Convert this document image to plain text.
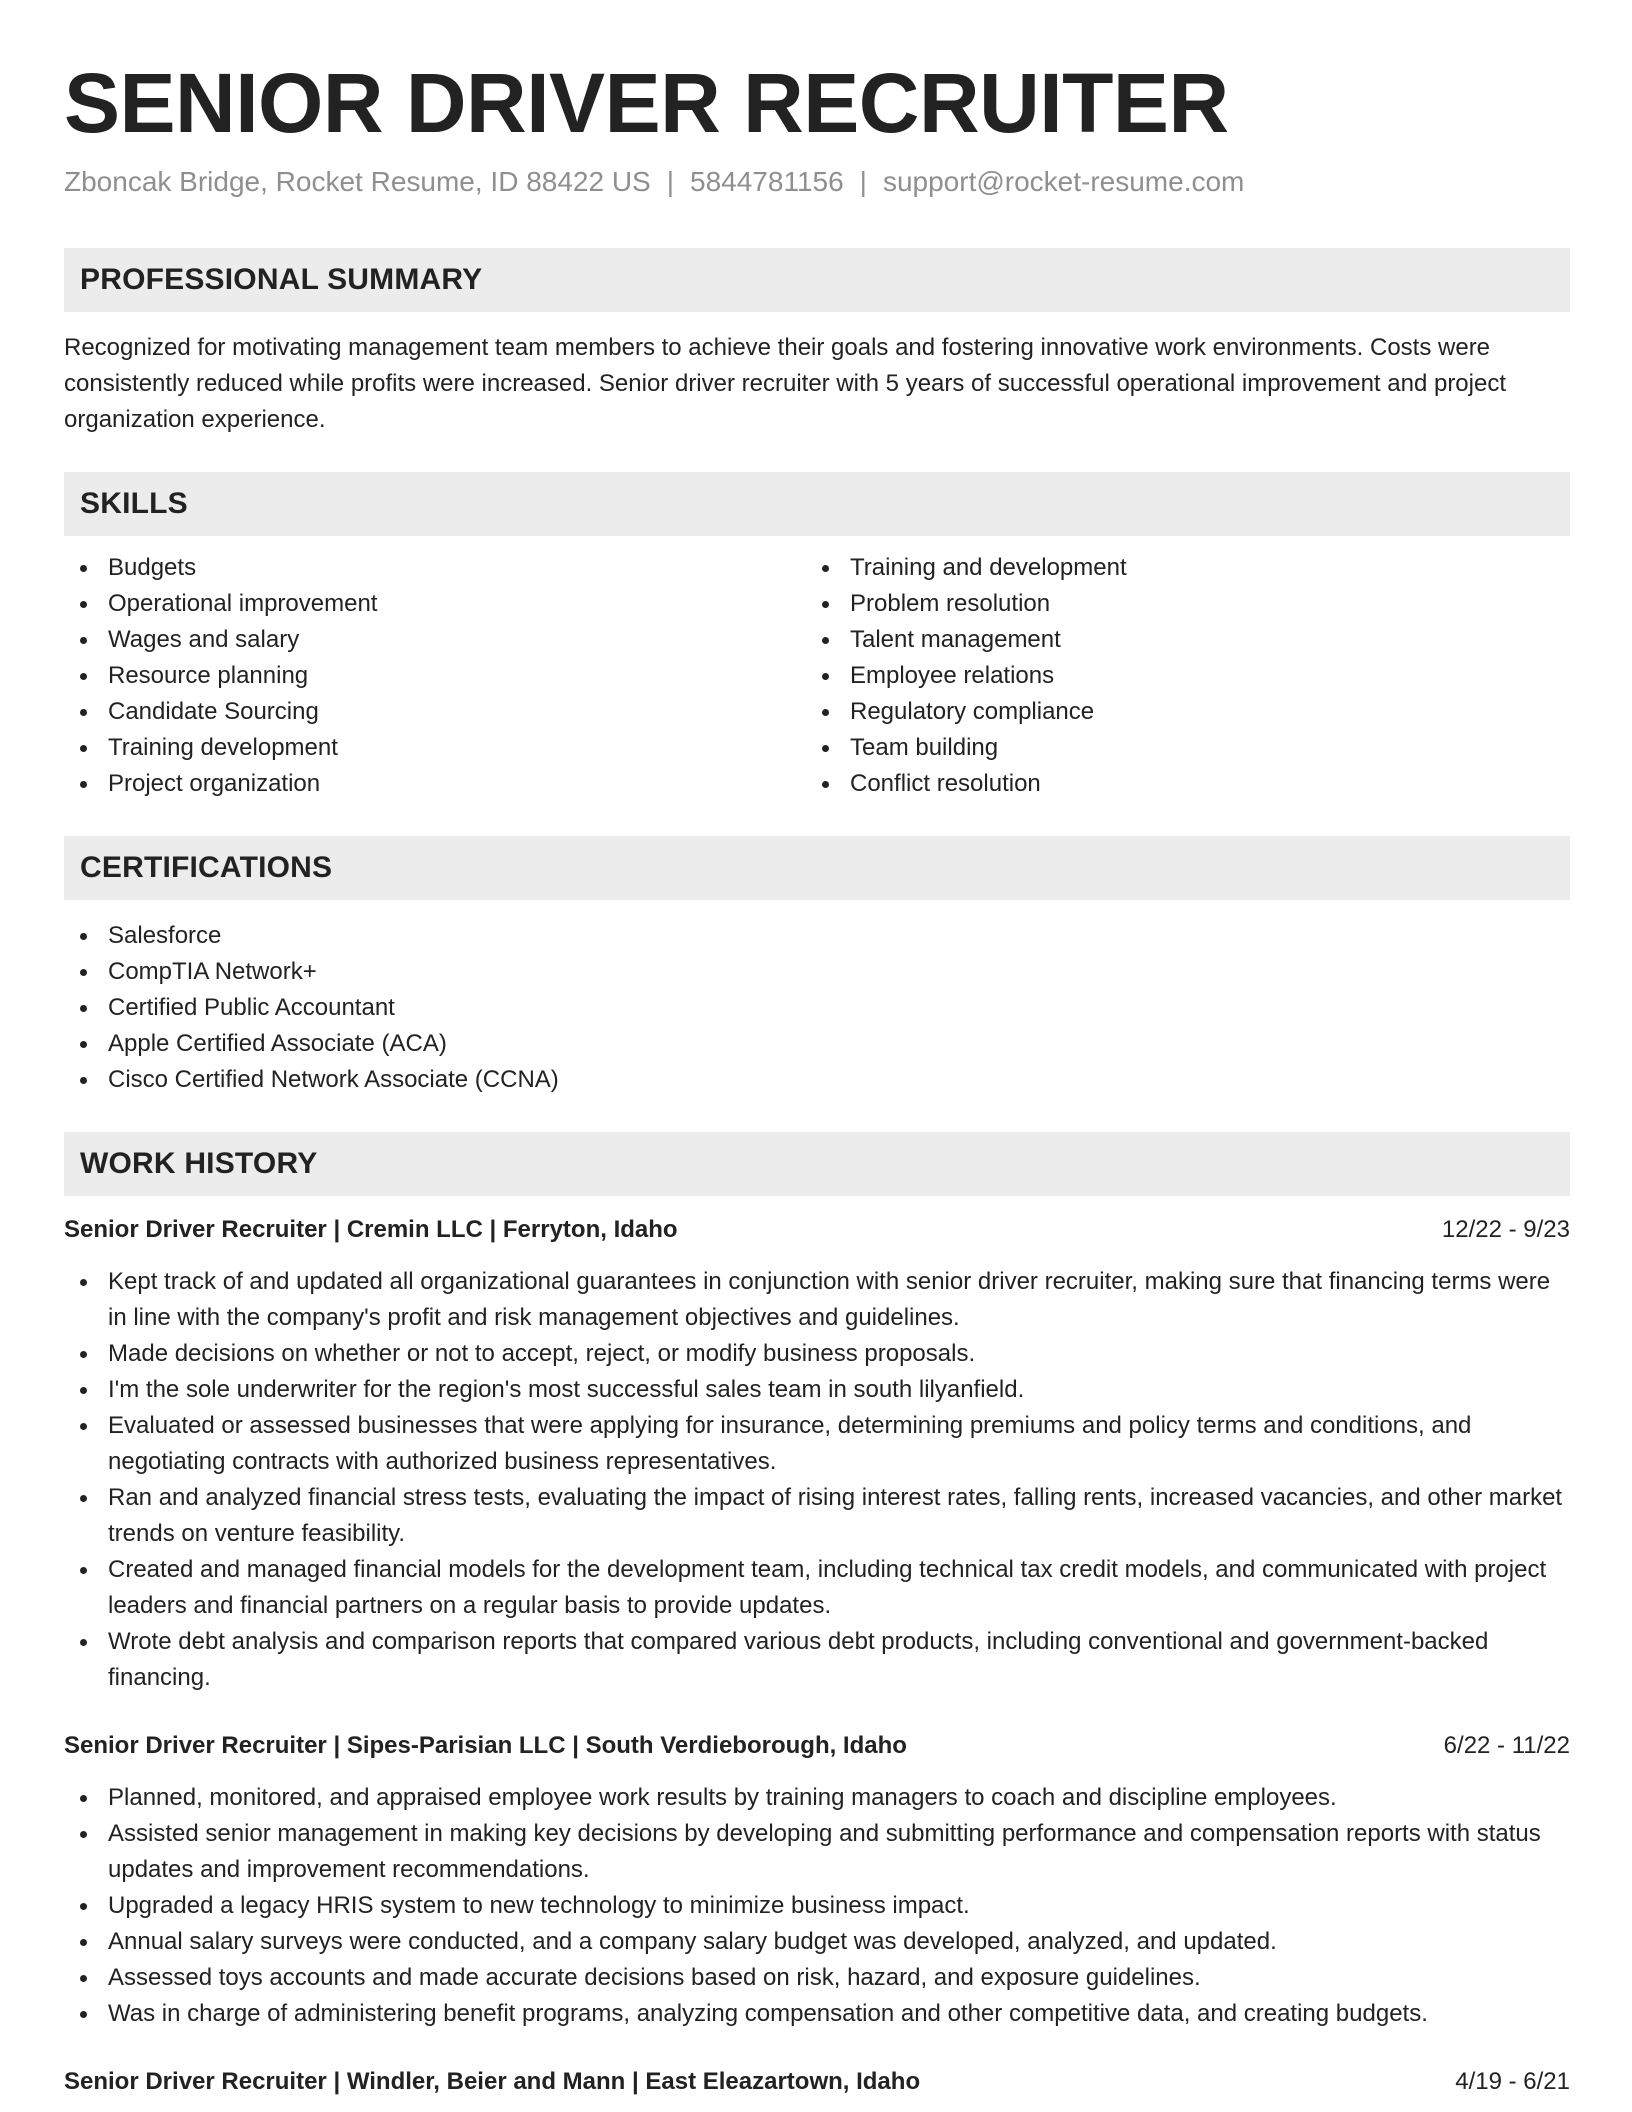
SENIOR DRIVER RECRUITER
Zboncak Bridge, Rocket Resume, ID 88422 US | 5844781156 | support@rocket-resume.com
PROFESSIONAL SUMMARY

Recognized for motivating management team members to achieve their goals and fostering innovative work environments. Costs were consistently reduced while profits were increased. Senior driver recruiter with 5 years of successful operational improvement and project organization experience.

SKILLS
Budgets
Operational improvement
Wages and salary
Resource planning
Candidate Sourcing
Training development
Project organization
Training and development
Problem resolution
Talent management
Employee relations
Regulatory compliance
Team building
Conflict resolution
CERTIFICATIONS
Salesforce
CompTIA Network+
Certified Public Accountant
Apple Certified Associate (ACA)
Cisco Certified Network Associate (CCNA)
WORK HISTORY
Senior Driver Recruiter | Cremin LLC | Ferryton, Idaho	12/22 - 9/23
Kept track of and updated all organizational guarantees in conjunction with senior driver recruiter, making sure that financing terms were in line with the company's profit and risk management objectives and guidelines.
Made decisions on whether or not to accept, reject, or modify business proposals.
I'm the sole underwriter for the region's most successful sales team in south lilyanfield.
Evaluated or assessed businesses that were applying for insurance, determining premiums and policy terms and conditions, and negotiating contracts with authorized business representatives.
Ran and analyzed financial stress tests, evaluating the impact of rising interest rates, falling rents, increased vacancies, and other market trends on venture feasibility.
Created and managed financial models for the development team, including technical tax credit models, and communicated with project leaders and financial partners on a regular basis to provide updates.
Wrote debt analysis and comparison reports that compared various debt products, including conventional and government-backed financing.
Senior Driver Recruiter | Sipes-Parisian LLC | South Verdieborough, Idaho	6/22 - 11/22
Planned, monitored, and appraised employee work results by training managers to coach and discipline employees.
Assisted senior management in making key decisions by developing and submitting performance and compensation reports with status updates and improvement recommendations.
Upgraded a legacy HRIS system to new technology to minimize business impact.
Annual salary surveys were conducted, and a company salary budget was developed, analyzed, and updated.
Assessed toys accounts and made accurate decisions based on risk, hazard, and exposure guidelines.
Was in charge of administering benefit programs, analyzing compensation and other competitive data, and creating budgets.
Senior Driver Recruiter | Windler, Beier and Mann | East Eleazartown, Idaho	4/19 - 6/21
